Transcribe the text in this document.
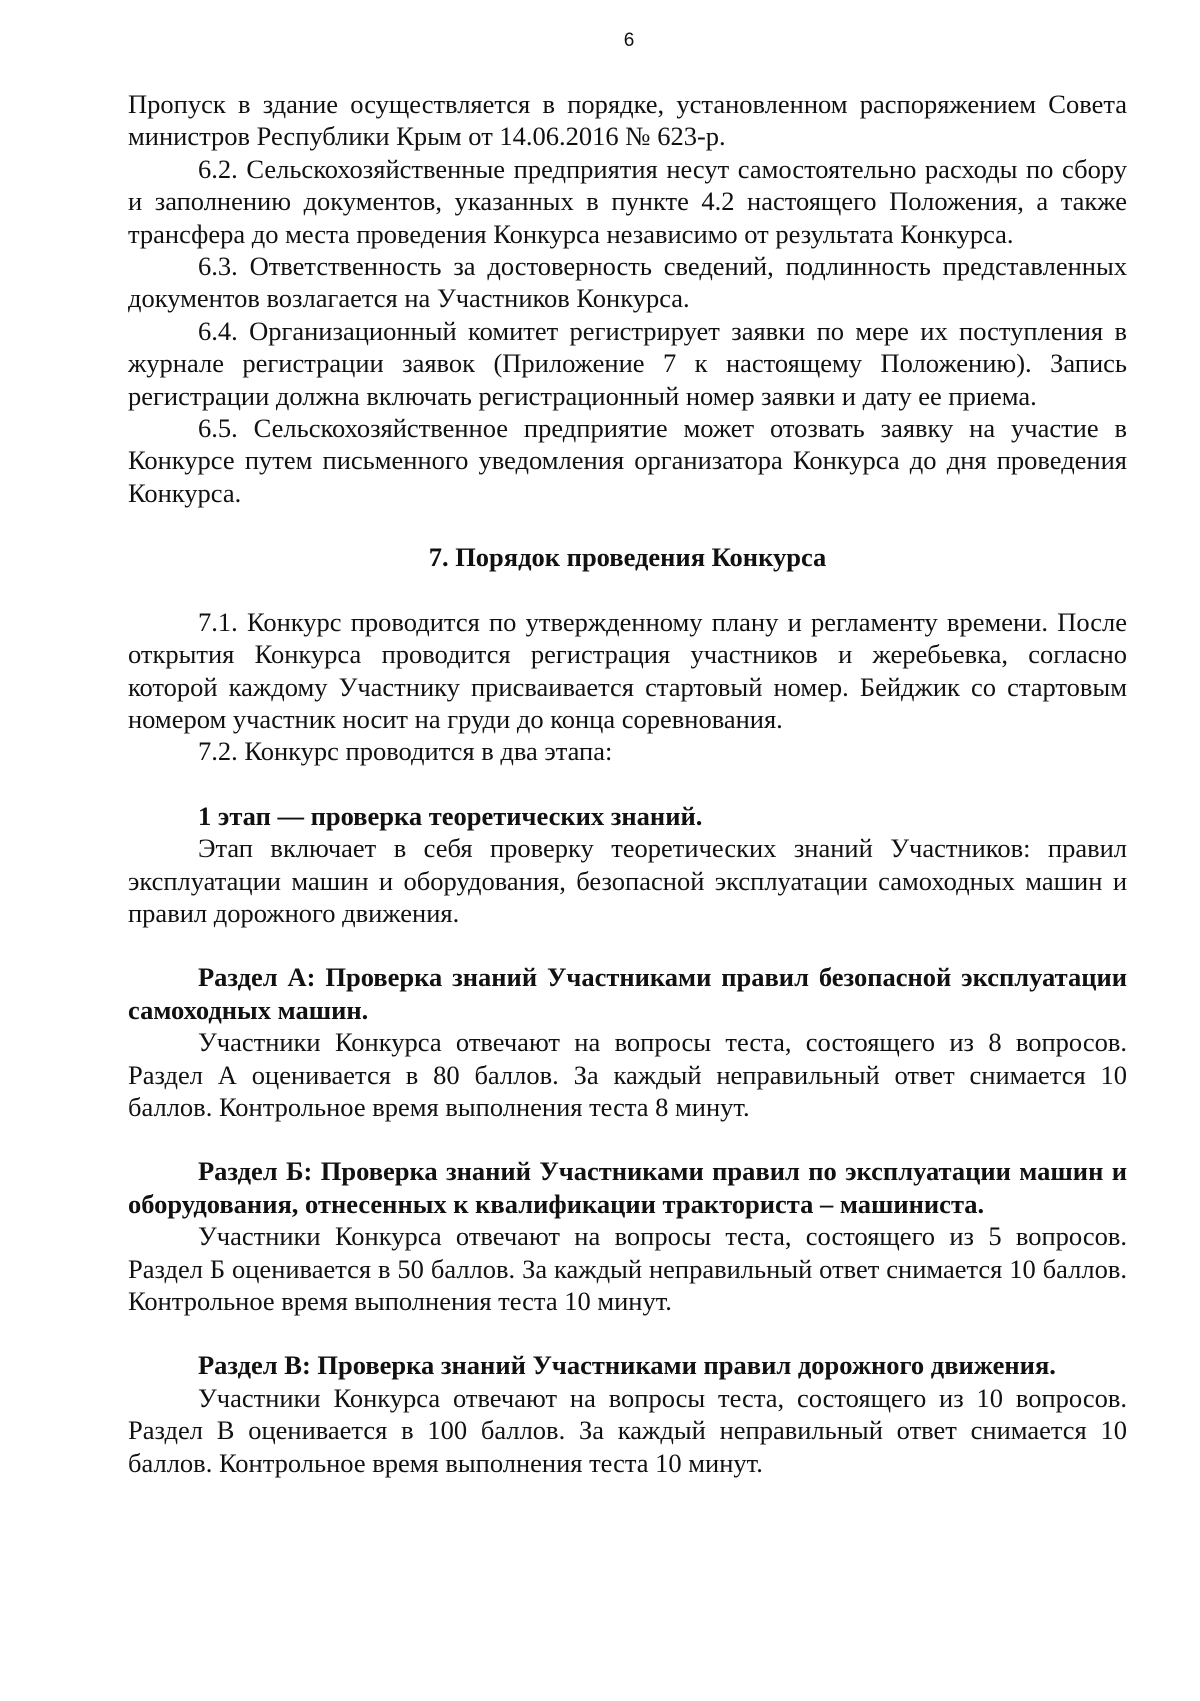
6

Пропуск в здание осуществляется в порядке, установленном распоряжением Совета министров Республики Крым от 14.06.2016 № 623-р.

6.2. Сельскохозяйственные предприятия несут самостоятельно расходы по сбору и заполнению документов, указанных в пункте 4.2 настоящего Положения, а также трансфера до места проведения Конкурса независимо от результата Конкурса.

6.3. Ответственность за достоверность сведений, подлинность представленных документов возлагается на Участников Конкурса.

6.4. Организационный комитет регистрирует заявки по мере их поступления в журнале регистрации заявок (Приложение 7 к настоящему Положению). Запись регистрации должна включать регистрационный номер заявки и дату ее приема.

6.5. Сельскохозяйственное предприятие может отозвать заявку на участие в Конкурсе путем письменного уведомления организатора Конкурса до дня проведения Конкурса.

7. Порядок проведения Конкурса

7.1. Конкурс проводится по утвержденному плану и регламенту времени. После открытия Конкурса проводится регистрация участников и жеребьевка, согласно которой каждому Участнику присваивается стартовый номер. Бейджик со стартовым номером участник носит на груди до конца соревнования.

7.2. Конкурс проводится в два этапа:

1 этап — проверка теоретических знаний.

Этап включает в себя проверку теоретических знаний Участников: правил эксплуатации машин и оборудования, безопасной эксплуатации самоходных машин и правил дорожного движения.

Раздел А: Проверка знаний Участниками правил безопасной эксплуатации самоходных машин.

Участники Конкурса отвечают на вопросы теста, состоящего из 8 вопросов. Раздел А оценивается в 80 баллов. За каждый неправильный ответ снимается 10 баллов. Контрольное время выполнения теста 8 минут.

Раздел Б: Проверка знаний Участниками правил по эксплуатации машин и оборудования, отнесенных к квалификации тракториста – машиниста.

Участники Конкурса отвечают на вопросы теста, состоящего из 5 вопросов. Раздел Б оценивается в 50 баллов. За каждый неправильный ответ снимается 10 баллов. Контрольное время выполнения теста 10 минут.

Раздел В: Проверка знаний Участниками правил дорожного движения.

Участники Конкурса отвечают на вопросы теста, состоящего из 10 вопросов. Раздел В оценивается в 100 баллов. За каждый неправильный ответ снимается 10 баллов. Контрольное время выполнения теста 10 минут.
